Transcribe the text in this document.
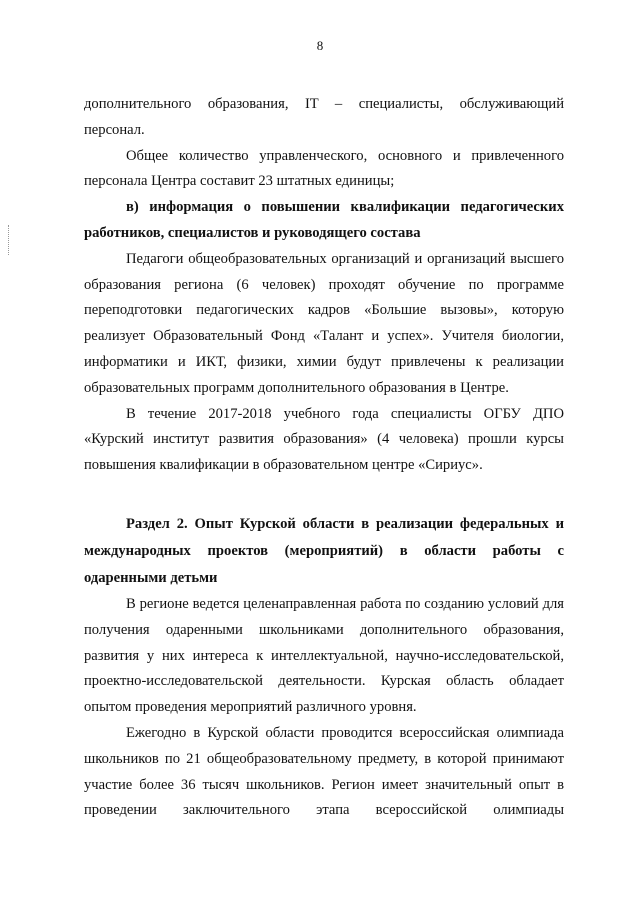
8

дополнительного образования, IT – специалисты, обслуживающий персонал.

Общее количество управленческого, основного и привлеченного персонала Центра составит 23 штатных единицы;

в) информация о повышении квалификации педагогических работников, специалистов и руководящего состава

Педагоги общеобразовательных организаций и организаций высшего образования региона (6 человек) проходят обучение по программе переподготовки педагогических кадров «Большие вызовы», которую реализует Образовательный Фонд «Талант и успех». Учителя биологии, информатики и ИКТ, физики, химии будут привлечены к реализации образовательных программ дополнительного образования в Центре.

В течение 2017-2018 учебного года специалисты ОГБУ ДПО «Курский институт развития образования» (4 человека) прошли курсы повышения квалификации в образовательном центре «Сириус».

Раздел 2. Опыт Курской области в реализации федеральных и международных проектов (мероприятий) в области работы с одаренными детьми

В регионе ведется целенаправленная работа по созданию условий для получения одаренными школьниками дополнительного образования, развития у них интереса к интеллектуальной, научно-исследовательской, проектно-исследовательской деятельности. Курская область обладает опытом проведения мероприятий различного уровня.

Ежегодно в Курской области проводится всероссийская олимпиада школьников по 21 общеобразовательному предмету, в которой принимают участие более 36 тысяч школьников. Регион имеет значительный опыт в проведении заключительного этапа всероссийской олимпиады
